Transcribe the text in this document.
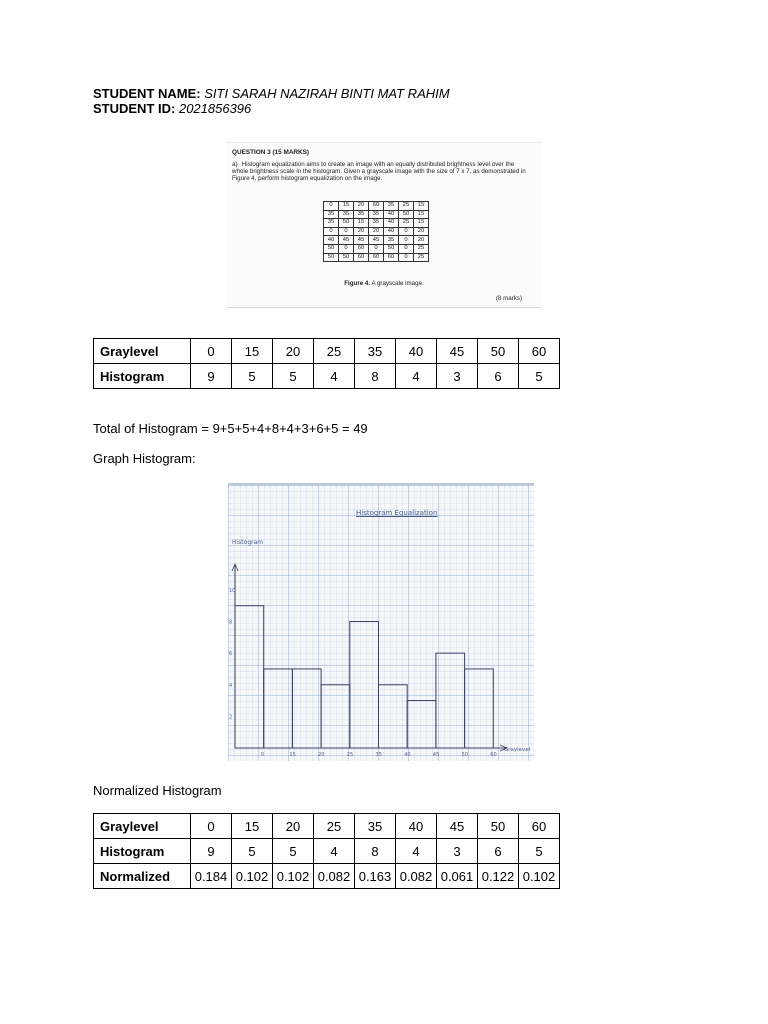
STUDENT NAME: SITI SARAH NAZIRAH BINTI MAT RAHIM
STUDENT ID: 2021856396
QUESTION 3 (15 MARKS)
a) Histogram equalization aims to create an image with an equally distributed brightness level over the whole brightness scale in the histogram. Given a grayscale image with the size of 7 x 7, as demonstrated in Figure 4, perform histogram equalization on the image.
0	15	20	60	35	25	15
35	35	35	35	40	50	15
35	50	15	35	40	25	15
0	0	20	20	40	0	20
40	45	45	45	35	0	20
50	0	60	0	50	0	25
50	50	60	60	60	0	25
Figure 4. A grayscale image.
(8 marks)
Graylevel	0	15	20	25	35	40	45	50	60
Histogram	9	5	5	4	8	4	3	6	5
Total of Histogram = 9+5+5+4+8+4+3+6+5 = 49
Graph Histogram:
Histogram Equalization
Histogram
Graylevel
2
4
6
8
10
0	15	20	25	35	40	45	50	60
Normalized Histogram
Graylevel	0	15	20	25	35	40	45	50	60
Histogram	9	5	5	4	8	4	3	6	5
Normalized	0.184	0.102	0.102	0.082	0.163	0.082	0.061	0.122	0.102
